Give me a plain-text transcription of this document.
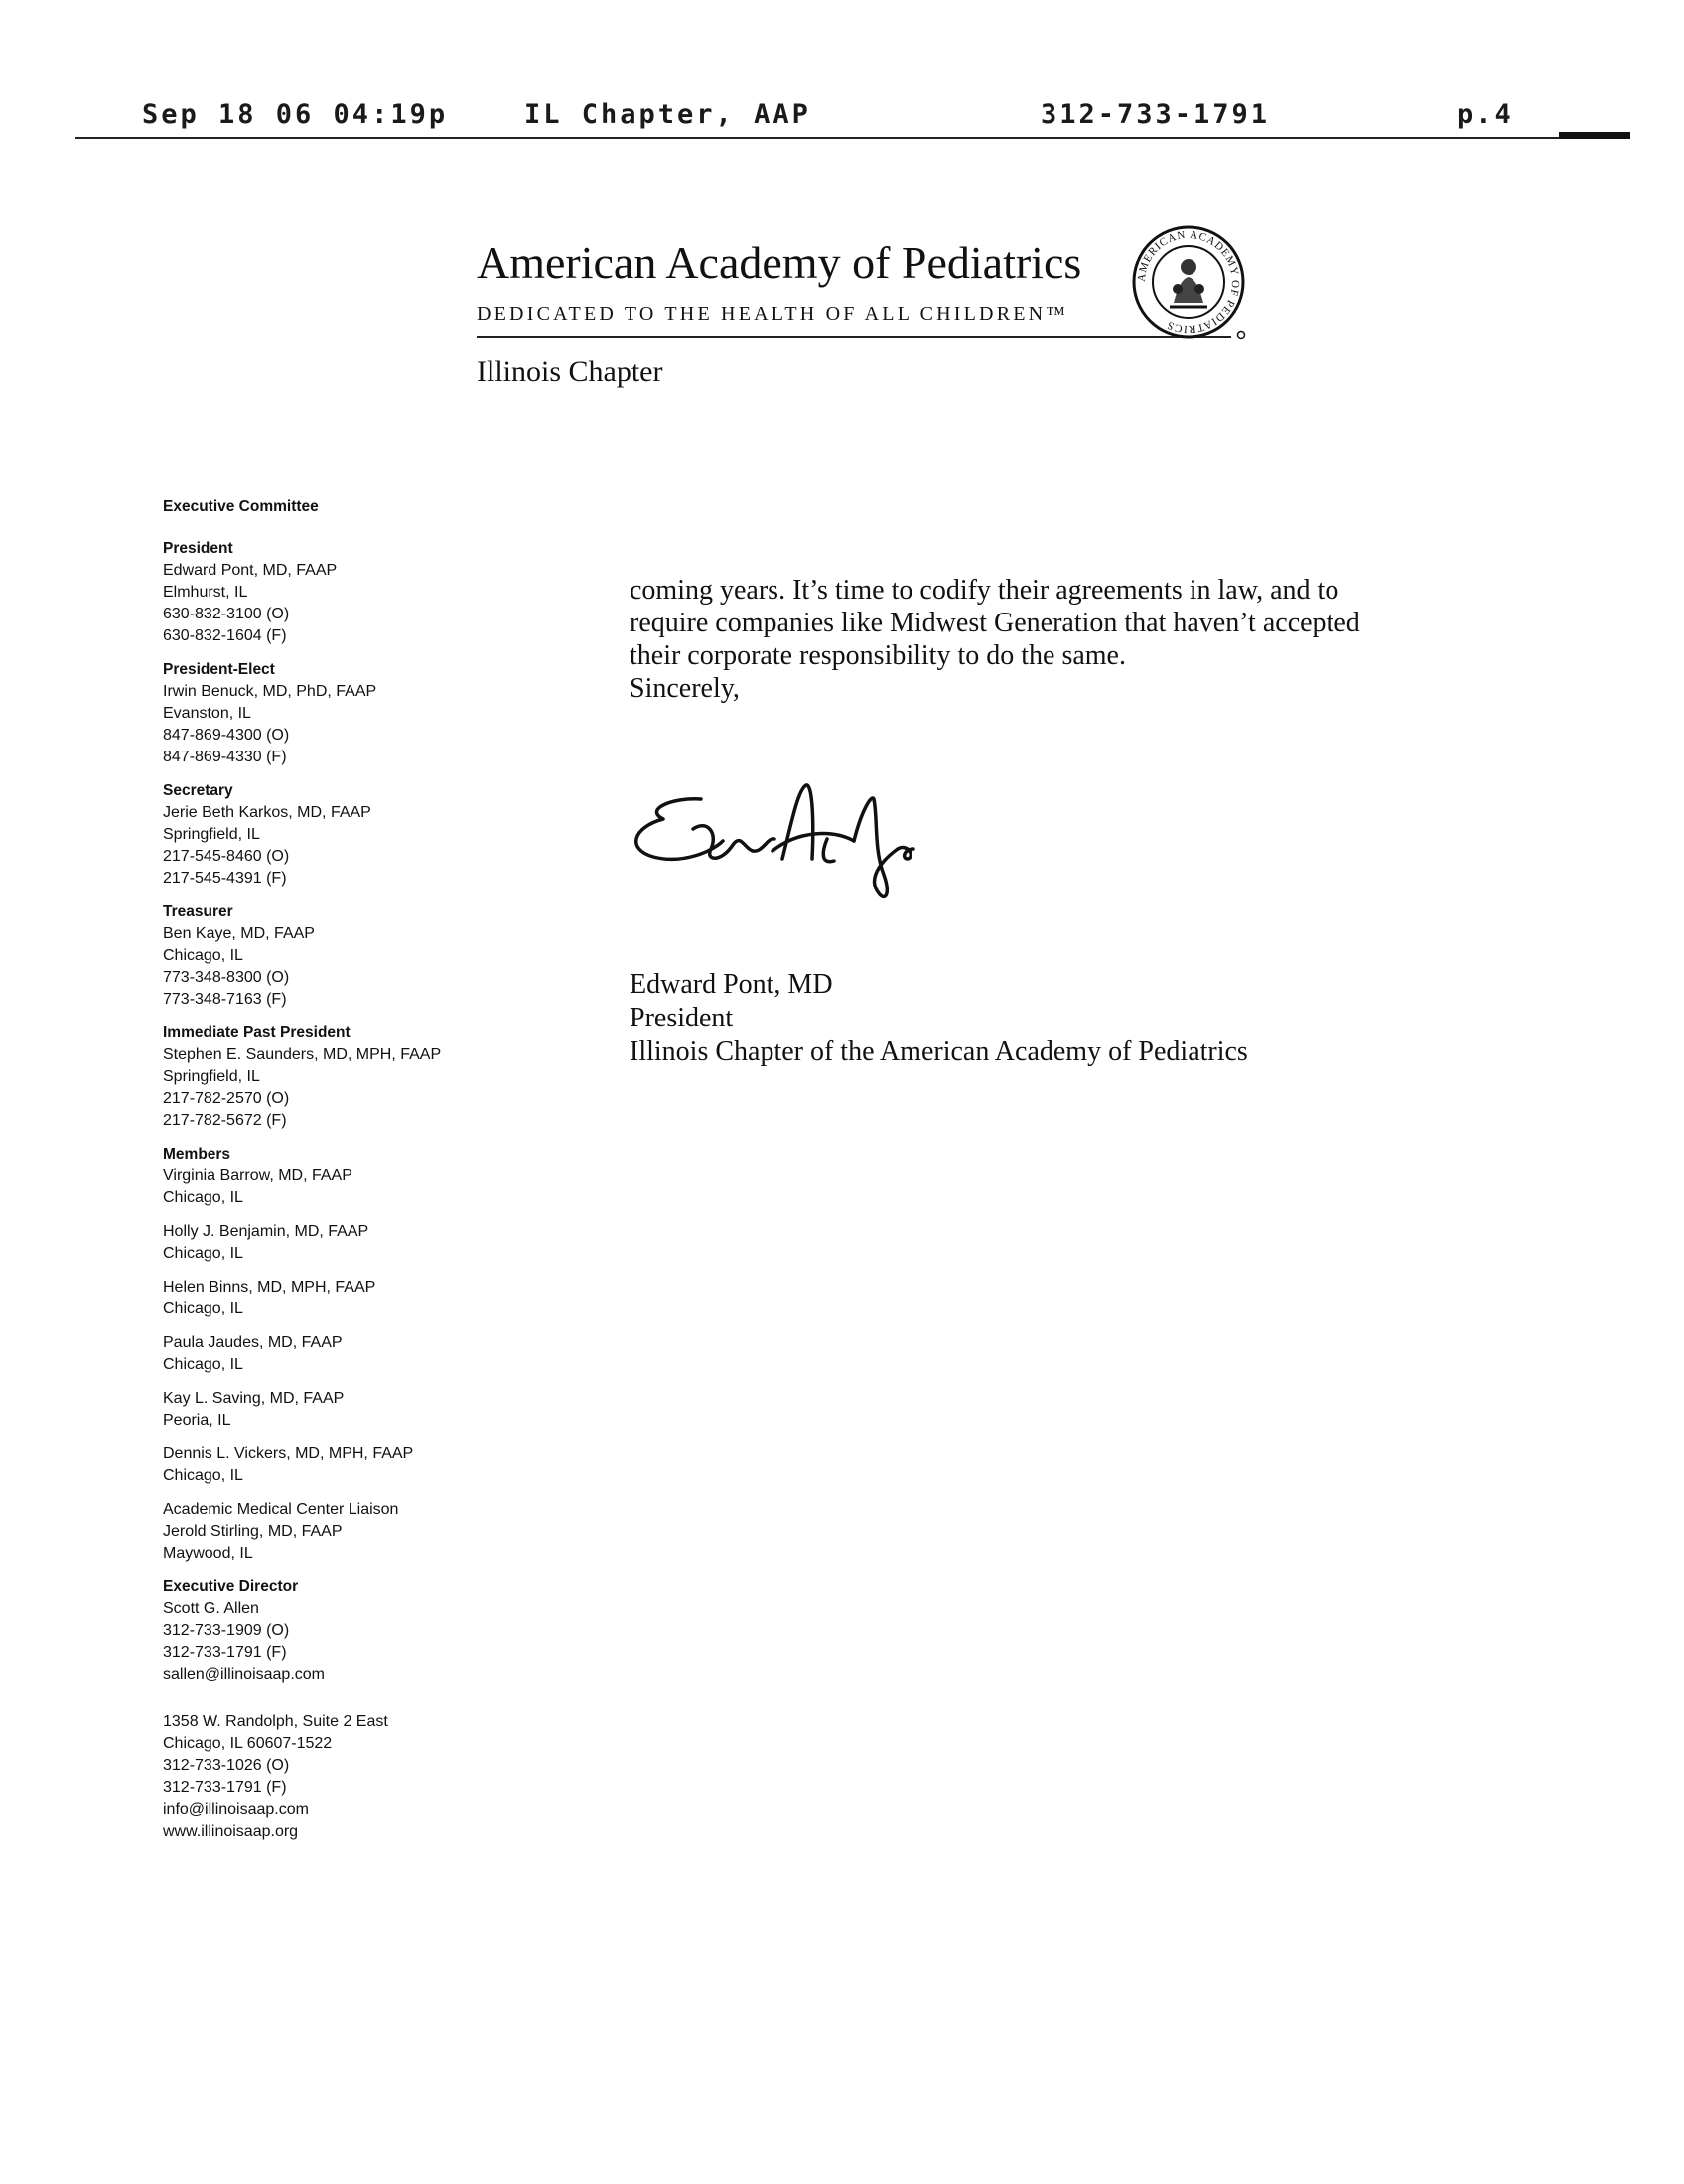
Sep 18 06 04:19p	IL Chapter, AAP	312-733-1791	p.4
American Academy of Pediatrics
DEDICATED TO THE HEALTH OF ALL CHILDREN™
Illinois Chapter
AMERICAN ACADEMY OF PEDIATRICS
Executive Committee
President
Edward Pont, MD, FAAP
Elmhurst, IL
630-832-3100 (O)
630-832-1604 (F)
President-Elect
Irwin Benuck, MD, PhD, FAAP
Evanston, IL
847-869-4300 (O)
847-869-4330 (F)
Secretary
Jerie Beth Karkos, MD, FAAP
Springfield, IL
217-545-8460 (O)
217-545-4391 (F)
Treasurer
Ben Kaye, MD, FAAP
Chicago, IL
773-348-8300 (O)
773-348-7163 (F)
Immediate Past President
Stephen E. Saunders, MD, MPH, FAAP
Springfield, IL
217-782-2570 (O)
217-782-5672 (F)
Members
Virginia Barrow, MD, FAAP
Chicago, IL
Holly J. Benjamin, MD, FAAP
Chicago, IL
Helen Binns, MD, MPH, FAAP
Chicago, IL
Paula Jaudes, MD, FAAP
Chicago, IL
Kay L. Saving, MD, FAAP
Peoria, IL
Dennis L. Vickers, MD, MPH, FAAP
Chicago, IL
Academic Medical Center Liaison
Jerold Stirling, MD, FAAP
Maywood, IL
Executive Director
Scott G. Allen
312-733-1909 (O)
312-733-1791 (F)
sallen@illinoisaap.com
1358 W. Randolph, Suite 2 East
Chicago, IL 60607-1522
312-733-1026 (O)
312-733-1791 (F)
info@illinoisaap.com
www.illinoisaap.org

coming years. It’s time to codify their agreements in law, and to

require companies like Midwest Generation that haven’t accepted

their corporate responsibility to do the same.

Sincerely,

Edward Pont, MD
President
Illinois Chapter of the American Academy of Pediatrics
